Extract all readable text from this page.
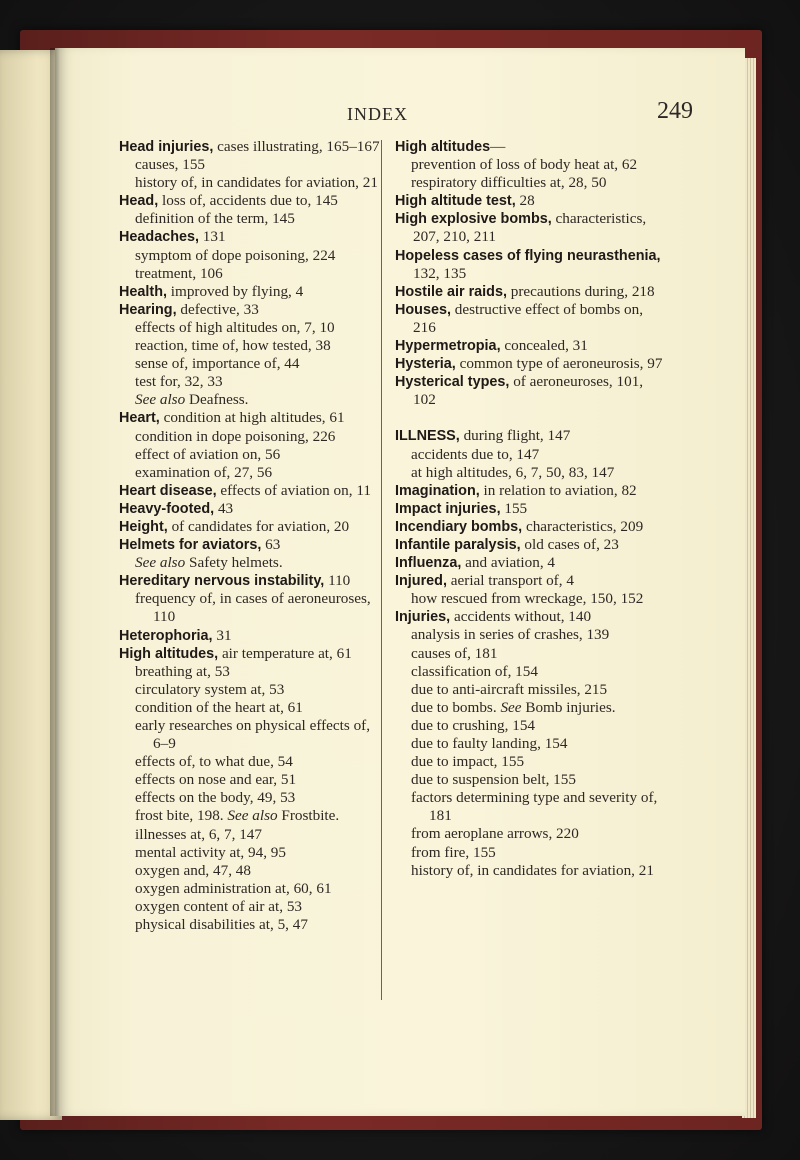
INDEX	249
Head injuries, cases illustrating, 165–167
causes, 155
history of, in candidates for aviation, 21
Head, loss of, accidents due to, 145
definition of the term, 145
Headaches, 131
symptom of dope poisoning, 224
treatment, 106
Health, improved by flying, 4
Hearing, defective, 33
effects of high altitudes on, 7, 10
reaction, time of, how tested, 38
sense of, importance of, 44
test for, 32, 33
See also Deafness.
Heart, condition at high altitudes, 61
condition in dope poisoning, 226
effect of aviation on, 56
examination of, 27, 56
Heart disease, effects of aviation on, 11
Heavy-footed, 43
Height, of candidates for aviation, 20
Helmets for aviators, 63
See also Safety helmets.
Hereditary nervous instability, 110
frequency of, in cases of aeroneuroses, 110
Heterophoria, 31
High altitudes, air temperature at, 61
breathing at, 53
circulatory system at, 53
condition of the heart at, 61
early researches on physical effects of, 6–9
effects of, to what due, 54
effects on nose and ear, 51
effects on the body, 49, 53
frost bite, 198. See also Frostbite.
illnesses at, 6, 7, 147
mental activity at, 94, 95
oxygen and, 47, 48
oxygen administration at, 60, 61
oxygen content of air at, 53
physical disabilities at, 5, 47
High altitudes—
prevention of loss of body heat at, 62
respiratory difficulties at, 28, 50
High altitude test, 28
High explosive bombs, characteristics, 207, 210, 211
Hopeless cases of flying neurasthenia, 132, 135
Hostile air raids, precautions during, 218
Houses, destructive effect of bombs on, 216
Hypermetropia, concealed, 31
Hysteria, common type of aeroneurosis, 97
Hysterical types, of aeroneuroses, 101, 102
ILLNESS, during flight, 147
accidents due to, 147
at high altitudes, 6, 7, 50, 83, 147
Imagination, in relation to aviation, 82
Impact injuries, 155
Incendiary bombs, characteristics, 209
Infantile paralysis, old cases of, 23
Influenza, and aviation, 4
Injured, aerial transport of, 4
how rescued from wreckage, 150, 152
Injuries, accidents without, 140
analysis in series of crashes, 139
causes of, 181
classification of, 154
due to anti-aircraft missiles, 215
due to bombs. See Bomb injuries.
due to crushing, 154
due to faulty landing, 154
due to impact, 155
due to suspension belt, 155
factors determining type and severity of, 181
from aeroplane arrows, 220
from fire, 155
history of, in candidates for aviation, 21
